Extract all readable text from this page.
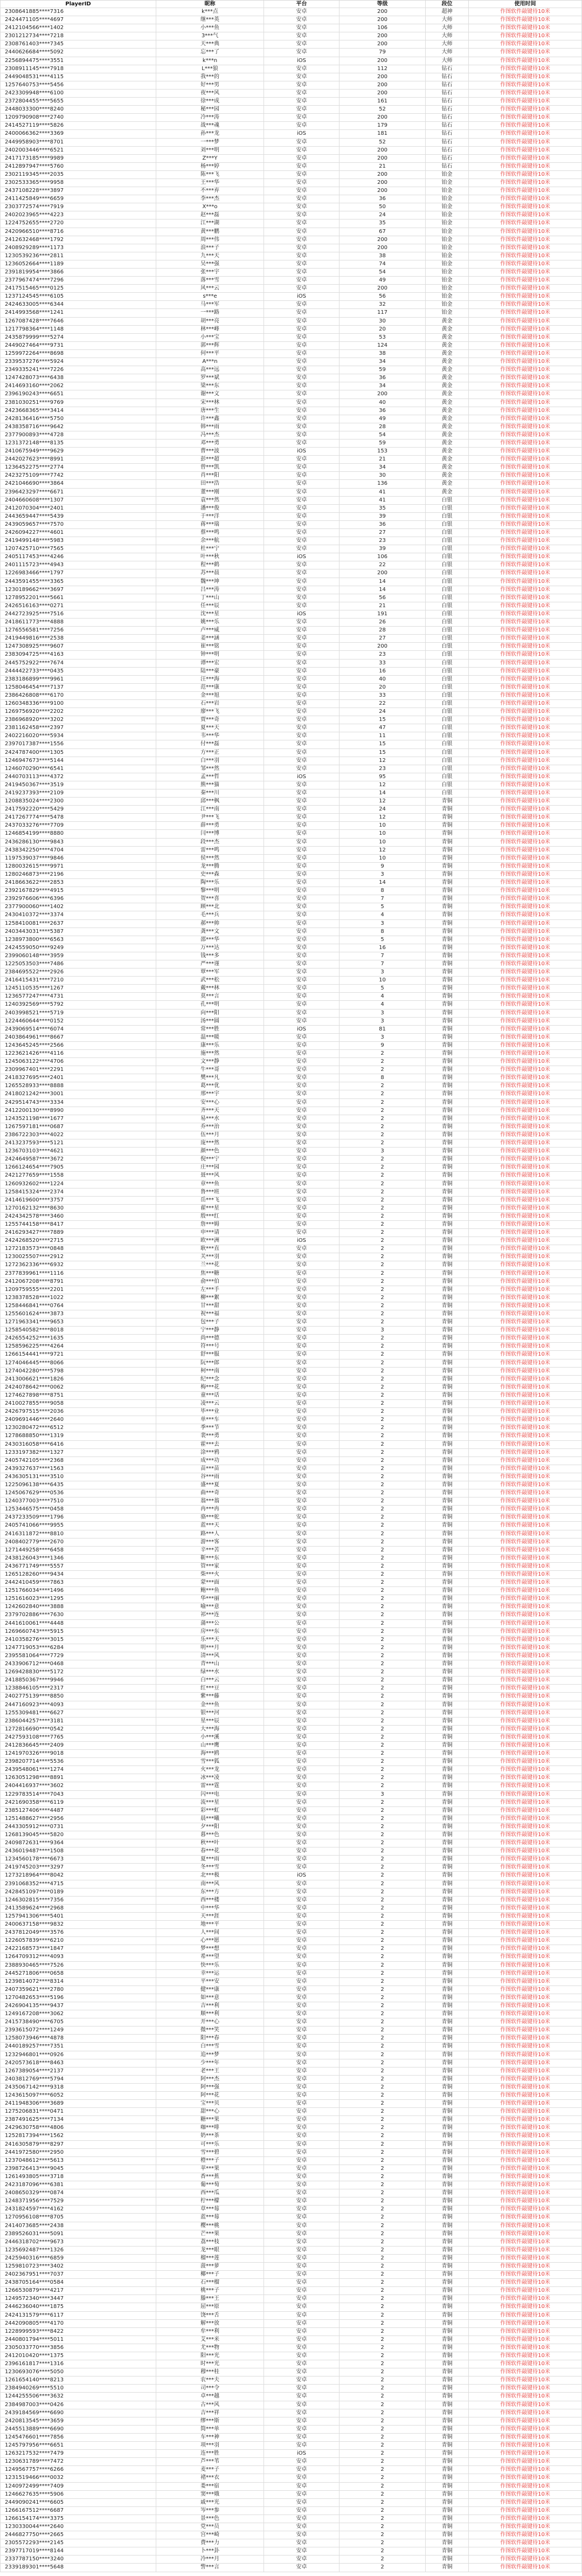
PlayerID	昵称	平台	等级	段位	使用时间
2308641885****7316	k***点	安卓	200	超神	作图软件敲键待10米
2424471105****4697	继***英	安卓	200	大师	作图软件敲键待10米
2412104566****1402	小***鱼	安卓	106	大师	作图软件敲键待10米
2301212734****7218	3***气	安卓	200	大师	作图软件敲键待10米
2308761403****7345	天***典	安卓	200	大师	作图软件敲键待10米
2440626684****5092	忘***了	安卓	79	大师	作图软件敲键待10米
2256894475****3551	k***n	iOS	200	大师	作图软件敲键待10米
2308911145****7918	L***狼	安卓	112	钻石	作图软件敲键待10米
2449048531****4115	我***的	安卓	200	钻石	作图软件敲键待10米
1257640753****5456	好***男	安卓	200	钻石	作图软件敲键待10米
2423309948****6100	夜***风	安卓	200	钻石	作图软件敲键待10米
2372804455****5655	徐***成	安卓	161	钻石	作图软件敲键待10米
2448033300****8240	秘***园	安卓	52	钻石	作图软件敲键待10米
1209790908****2740	冷***涛	安卓	200	钻石	作图软件敲键待10米
2414527119****5826	战***魂	安卓	179	钻石	作图软件敲键待10米
2400066362****3369	孙***龙	iOS	181	钻石	作图软件敲键待10米
2449958903****8701	一***梦	安卓	52	钻石	作图软件敲键待10米
2402003446****6521	刘***明	安卓	200	钻石	作图软件敲键待10米
2417173185****9989	Z***Y	安卓	200	钻石	作图软件敲键待10米
2412897947****5760	杨***婷	安卓	21	钻石	作图软件敲键待10米
2302119345****2035	陈***飞	安卓	200	铂金	作图软件敲键待10米
2302533365****9958	王***华	安卓	200	铂金	作图软件敲键待10米
2437108228****3897	不***弃	安卓	200	铂金	作图软件敲键待10米
2411425849****6659	李***杰	安卓	36	铂金	作图软件敲键待10米
2303772574****7919	X***o	安卓	50	铂金	作图软件敲键待10米
2402023965****4223	赵***磊	安卓	24	铂金	作图软件敲键待10米
1224752655****2720	江***湖	安卓	35	铂金	作图软件敲键待10米
2420966510****8716	黄***鹏	安卓	67	铂金	作图软件敲键待10米
2412632468****1792	周***伟	安卓	200	铂金	作图软件敲键待10米
2408929289****1173	浪***子	安卓	200	铂金	作图软件敲键待10米
1230539236****2811	九***天	安卓	38	铂金	作图软件敲键待10米
1236052664****1189	吴***强	安卓	74	铂金	作图软件敲键待10米
2391819954****3866	张***宇	安卓	54	铂金	作图软件敲键待10米
2377967474****7296	落***雪	安卓	49	铂金	作图软件敲键待10米
2417515465****0125	风***云	安卓	200	铂金	作图软件敲键待10米
1237124545****6105	s***e	iOS	56	铂金	作图软件敲键待10米
2424633005****6344	马***军	安卓	32	铂金	作图软件敲键待10米
2414993568****1241	一***路	安卓	117	铂金	作图软件敲键待10米
1267087428****7646	胡***亮	安卓	30	黄金	作图软件敲键待10米
1217798364****1148	林***峰	安卓	20	黄金	作图软件敲键待10米
2435879999****5274	小***宝	安卓	53	黄金	作图软件敲键待10米
2449027464****9731	郭***辉	安卓	124	黄金	作图软件敲键待10米
1259972264****8698	何***平	安卓	38	黄金	作图软件敲键待10米
2339537276****5924	A***n	安卓	34	黄金	作图软件敲键待10米
2349335241****7226	高***远	安卓	59	黄金	作图软件敲键待10米
1247428073****6438	罗***斌	安卓	36	黄金	作图软件敲键待10米
2414693160****2062	梁***东	安卓	34	黄金	作图软件敲键待10米
2396190243****6651	谢***文	安卓	200	黄金	作图软件敲键待10米
2381030251****9769	宋***林	安卓	40	黄金	作图软件敲键待10米
2423668365****3414	唐***生	安卓	36	黄金	作图软件敲键待10米
2428136416****5750	许***鑫	安卓	49	黄金	作图软件敲键待10米
2438358716****9642	韩***雨	安卓	28	黄金	作图软件敲键待10米
2377900893****4728	冯***杰	安卓	54	黄金	作图软件敲键待10米
1231372148****8135	邓***勇	安卓	59	黄金	作图软件敲键待10米
2410675949****9629	曹***波	iOS	153	黄金	作图软件敲键待10米
2442027623****8991	彭***超	安卓	21	黄金	作图软件敲键待10米
1236452275****2774	曾***凯	安卓	34	黄金	作图软件敲键待10米
2423275109****7742	肖***阳	安卓	30	黄金	作图软件敲键待10米
2421046690****3864	田***浩	安卓	136	黄金	作图软件敲键待10米
2396423297****6671	董***刚	安卓	41	黄金	作图软件敲键待10米
2404660608****1307	袁***然	安卓	41	白银	作图软件敲键待10米
2412070304****2401	潘***俊	安卓	35	白银	作图软件敲键待10米
2443659447****5439	于***洋	安卓	39	白银	作图软件敲键待10米
2439059657****7570	蒋***瑞	安卓	36	白银	作图软件敲键待10米
2426094227****4601	蔡***鸣	安卓	27	白银	作图软件敲键待10米
2419499148****5983	余***航	安卓	23	白银	作图软件敲键待10米
1207425710****7565	杜***宁	安卓	39	白银	作图软件敲键待10米
2405117453****4246	叶***秋	iOS	106	白银	作图软件敲键待10米
2401115723****4943	程***鹤	安卓	22	白银	作图软件敲键待10米
1226983466****1797	苏***晨	安卓	200	白银	作图软件敲键待10米
2443591455****3365	魏***坤	安卓	14	白银	作图软件敲键待10米
1230189662****3697	吕***涛	安卓	14	白银	作图软件敲键待10米
1278952201****5661	丁***山	安卓	56	白银	作图软件敲键待10米
2426516163****0271	任***辰	安卓	21	白银	作图软件敲键待10米
2442723925****7516	沈***星	iOS	191	白银	作图软件敲键待10米
2418611773****4888	姚***乐	安卓	26	白银	作图软件敲键待10米
1276556581****7256	卢***威	安卓	28	白银	作图软件敲键待10米
2419449816****2538	姜***涵	安卓	27	白银	作图软件敲键待10米
1247308925****9607	崔***铭	安卓	200	白银	作图软件敲键待10米
2383094725****4163	钟***明	安卓	23	白银	作图软件敲键待10米
2445752922****7674	谭***宏	安卓	33	白银	作图软件敲键待10米
2444422733****0435	陆***豪	安卓	16	白银	作图软件敲键待10米
2383186899****9961	汪***海	安卓	40	白银	作图软件敲键待10米
1258046454****7137	范***康	安卓	20	白银	作图软件敲键待10米
2386426808****6170	金***旭	安卓	33	白银	作图软件敲键待10米
1260348336****9100	石***岩	安卓	22	白银	作图软件敲键待10米
1269756920****2202	廖***飞	安卓	24	白银	作图软件敲键待10米
2386968920****3202	贾***奇	安卓	15	白银	作图软件敲键待10米
2381162458****2397	夏***天	安卓	47	白银	作图软件敲键待10米
2402216020****5934	韦***华	安卓	11	白银	作图软件敲键待10米
2397017387****1556	付***磊	安卓	15	白银	作图软件敲键待10米
2424787400****1305	方***正	安卓	15	白银	作图软件敲键待10米
1246947673****5144	白***羽	安卓	12	白银	作图软件敲键待10米
1246070290****6541	邹***然	安卓	23	白银	作图软件敲键待10米
2440703113****4372	孟***哲	iOS	95	白银	作图软件敲键待10米
2419450367****3519	熊***猫	安卓	12	白银	作图软件敲键待10米
2419237393****2109	秦***川	安卓	14	白银	作图软件敲键待10米
1208835024****2300	邱***枫	安卓	12	青铜	作图软件敲键待10米
2417592220****5429	江***南	安卓	24	青铜	作图软件敲键待10米
2417267774****5478	尹***飞	安卓	12	青铜	作图软件敲键待10米
2437033276****7709	薛***勇	安卓	10	青铜	作图软件敲键待10米
1246854199****8880	闫***博	安卓	10	青铜	作图软件敲键待10米
2436286130****9843	段***杰	安卓	10	青铜	作图软件敲键待10米
2438342250****4704	雷***鸣	安卓	12	青铜	作图软件敲键待10米
1197539037****9846	侯***然	安卓	10	青铜	作图软件敲键待10米
1280032615****9971	龙***腾	安卓	9	青铜	作图软件敲键待10米
1280246873****2196	史***森	安卓	3	青铜	作图软件敲键待10米
2418663622****2853	陶***乐	安卓	14	青铜	作图软件敲键待10米
2392167829****4915	黎***明	安卓	8	青铜	作图软件敲键待10米
2392976606****6396	贺***喜	安卓	7	青铜	作图软件敲键待10米
2377900060****1402	顾***北	安卓	5	青铜	作图软件敲键待10米
2430410372****3374	毛***兵	安卓	4	青铜	作图软件敲键待10米
1258410081****2637	郝***帅	安卓	3	青铜	作图软件敲键待10米
2403443031****5387	龚***文	安卓	8	青铜	作图软件敲键待10米
1238973800****6563	邵***华	安卓	5	青铜	作图软件敲键待10米
2424559050****9249	万***达	安卓	16	青铜	作图软件敲键待10米
2399060148****3959	钱***多	安卓	7	青铜	作图软件敲键待10米
1225053503****7486	严***谨	安卓	7	青铜	作图软件敲键待10米
2384695522****2926	覃***军	安卓	3	青铜	作图软件敲键待10米
2416415431****7210	武***松	安卓	10	青铜	作图软件敲键待10米
1245110535****1267	戴***林	安卓	5	青铜	作图软件敲键待10米
1236577247****4731	莫***言	安卓	4	青铜	作图软件敲键待10米
1240392569****5792	孔***明	安卓	4	青铜	作图软件敲键待10米
2403998521****5719	向***阳	安卓	3	青铜	作图软件敲键待10米
1224460644****0152	汤***圆	安卓	3	青铜	作图软件敲键待10米
2439069514****6074	常***胜	iOS	81	青铜	作图软件敲键待10米
2403864961****8667	温***暖	安卓	3	青铜	作图软件敲键待10米
1243645245****2566	康***乐	安卓	9	青铜	作图软件敲键待10米
1223621426****4116	施***然	安卓	2	青铜	作图软件敲键待10米
1245063122****4706	文***静	安卓	2	青铜	作图软件敲键待10米
2309967401****2291	牛***哥	安卓	2	青铜	作图软件敲键待10米
2418327695****2401	樊***凡	安卓	8	青铜	作图软件敲键待10米
1265528933****8888	葛***优	安卓	2	青铜	作图软件敲键待10米
2418021242****3001	邢***宇	安卓	2	青铜	作图软件敲键待10米
2429514743****3334	安***心	安卓	2	青铜	作图软件敲键待10米
2412200130****8990	齐***天	安卓	2	青铜	作图软件敲键待10米
1243521198****1677	易***水	安卓	2	青铜	作图软件敲键待10米
1267597181****0687	乔***治	安卓	2	青铜	作图软件敲键待10米
2386722303****4022	伍***月	安卓	2	青铜	作图软件敲键待10米
2413237593****5121	庞***然	安卓	2	青铜	作图软件敲键待10米
1236703103****4621	颜***色	安卓	3	青铜	作图软件敲键待10米
2424649587****3672	倪***宁	安卓	2	青铜	作图软件敲键待10米
1266124654****7905	庄***园	安卓	2	青铜	作图软件敲键待10米
2421277659****1558	聂***风	安卓	2	青铜	作图软件敲键待10米
1260932602****1224	章***鱼	安卓	2	青铜	作图软件敲键待10米
1258415324****2374	鲁***班	安卓	2	青铜	作图软件敲键待10米
2414619600****3757	岳***飞	安卓	2	青铜	作图软件敲键待10米
1270162132****8630	翟***星	安卓	2	青铜	作图软件敲键待10米
2424342578****3460	殷***红	安卓	2	青铜	作图软件敲键待10米
1255744158****8417	詹***姆	安卓	2	青铜	作图软件敲键待10米
2416293427****7889	申***请	安卓	2	青铜	作图软件敲键待10米
2424268520****2715	欧***洲	iOS	2	青铜	作图软件敲键待10米
1272183573****0848	耿***直	安卓	2	青铜	作图软件敲键待10米
1230025507****2912	关***羽	安卓	2	青铜	作图软件敲键待10米
1272362336****6932	兰***花	安卓	2	青铜	作图软件敲键待10米
2377839961****1116	焦***糖	安卓	2	青铜	作图软件敲键待10米
2412067208****8791	俞***伯	安卓	2	青铜	作图软件敲键待10米
1209759555****2201	左***手	安卓	2	青铜	作图软件敲键待10米
1238378528****1022	柳***絮	安卓	2	青铜	作图软件敲键待10米
1258446841****0764	甘***甜	安卓	2	青铜	作图软件敲键待10米
1255601624****3873	祝***福	安卓	2	青铜	作图软件敲键待10米
1271963341****9653	包***子	安卓	2	青铜	作图软件敲键待10米
1258540582****8018	宁***静	安卓	3	青铜	作图软件敲键待10米
2426554252****1635	尚***德	安卓	2	青铜	作图软件敲键待10米
1258596225****4264	符***号	安卓	2	青铜	作图软件敲键待10米
1266154441****9721	舒***服	安卓	2	青铜	作图软件敲键待10米
1274046445****8066	阮***郎	安卓	2	青铜	作图软件敲键待10米
1274042280****5798	柯***南	安卓	2	青铜	作图软件敲键待10米
2413006621****1826	纪***念	安卓	2	青铜	作图软件敲键待10米
2424078642****0062	梅***花	安卓	2	青铜	作图软件敲键待10米
1274627898****8751	童***话	安卓	2	青铜	作图软件敲键待10米
2410027855****9058	凌***云	安卓	2	青铜	作图软件敲键待10米
2426797515****2036	毕***业	安卓	2	青铜	作图软件敲键待10米
2409691446****2640	单***车	安卓	2	青铜	作图软件敲键待10米
1230280472****6512	季***节	安卓	2	青铜	作图软件敲键待10米
1278688850****1319	裴***勇	安卓	2	青铜	作图软件敲键待10米
2430316058****6416	霍***去	安卓	2	青铜	作图软件敲键待10米
1233197382****1327	涂***鸦	安卓	2	青铜	作图软件敲键待10米
2405742105****2368	成***功	安卓	2	青铜	作图软件敲键待10米
2439327637****1563	苗***苗	安卓	2	青铜	作图软件敲键待10米
2436305131****3510	谷***雨	安卓	2	青铜	作图软件敲键待10米
1225096138****6435	盛***夏	安卓	2	青铜	作图软件敲键待10米
1245067629****0536	曲***奇	安卓	2	青铜	作图软件敲键待10米
1240377003****7510	翁***翁	安卓	2	青铜	作图软件敲键待10米
1253446575****0458	冉***冉	安卓	2	青铜	作图软件敲键待10米
2437233509****1796	骆***驼	安卓	2	青铜	作图软件敲键待10米
2405741066****9955	蓝***天	安卓	2	青铜	作图软件敲键待10米
2416311872****8810	路***人	安卓	2	青铜	作图软件敲键待10米
2408402779****2670	游***客	安卓	2	青铜	作图软件敲键待10米
1271449258****6458	辛***苦	安卓	2	青铜	作图软件敲键待10米
2438126043****1346	靳***东	安卓	2	青铜	作图软件敲键待10米
2436771749****5557	管***家	安卓	2	青铜	作图软件敲键待10米
1265128260****9434	柴***火	安卓	2	青铜	作图软件敲键待10米
2442410459****7863	蒙***面	安卓	2	青铜	作图软件敲键待10米
1251766034****1496	鲍***鱼	安卓	2	青铜	作图软件敲键待10米
1251616023****1295	华***丽	安卓	2	青铜	作图软件敲键待10米
1242602840****3888	喻***意	安卓	2	青铜	作图软件敲键待10米
2379702886****7630	祁***连	安卓	2	青铜	作图软件敲键待10米
2441610061****4448	蒲***公	安卓	2	青铜	作图软件敲键待10米
1269660743****5915	房***东	安卓	2	青铜	作图软件敲键待10米
2410358276****3015	乐***天	安卓	2	青铜	作图软件敲键待10米
1247719053****6284	明***月	安卓	2	青铜	作图软件敲键待10米
2395581064****7729	清***风	安卓	2	青铜	作图软件敲键待10米
2433906712****0468	青***山	安卓	2	青铜	作图软件敲键待10米
1269428830****5172	绿***水	安卓	2	青铜	作图软件敲键待10米
2418850367****9946	白***云	安卓	2	青铜	作图软件敲键待10米
1238846105****2317	红***豆	安卓	2	青铜	作图软件敲键待10米
2402775139****8850	紫***藤	安卓	2	青铜	作图软件敲键待10米
2447160923****4093	金***鱼	安卓	2	青铜	作图软件敲键待10米
1255309481****6627	银***河	安卓	2	青铜	作图软件敲键待10米
2386044257****3181	星***辰	安卓	2	青铜	作图软件敲键待10米
1272816690****0542	大***海	安卓	2	青铜	作图软件敲键待10米
2427593108****7765	小***溪	安卓	2	青铜	作图软件敲键待10米
2412836645****2409	山***鹰	安卓	2	青铜	作图软件敲键待10米
1241970326****9018	海***鸥	安卓	2	青铜	作图软件敲键待10米
2398207714****5536	雪***狐	安卓	2	青铜	作图软件敲键待10米
2439548061****1274	火***龙	安卓	2	青铜	作图软件敲键待10米
1263051298****8891	冰***凌	安卓	2	青铜	作图软件敲键待10米
2404416937****3602	雷***霆	安卓	2	青铜	作图软件敲键待10米
1229783514****7043	闪***电	安卓	3	青铜	作图软件敲键待10米
2421690358****6119	流***星	安卓	2	青铜	作图软件敲键待10米
2385127406****4487	彩***虹	安卓	2	青铜	作图软件敲键待10米
1251488627****2956	晨***曦	安卓	2	青铜	作图软件敲键待10米
2443305912****0731	夕***阳	安卓	2	青铜	作图软件敲键待10米
1268139045****5820	暮***色	安卓	2	青铜	作图软件敲键待10米
2409872631****9364	秋***叶	安卓	2	青铜	作图软件敲键待10米
2436019487****1508	春***花	安卓	2	青铜	作图软件敲键待10米
1234560178****6673	夏***雨	安卓	2	青铜	作图软件敲键待10米
2419745203****3297	冬***雪	安卓	2	青铜	作图软件敲键待10米
1273218964****8042	北***极	iOS	2	青铜	作图软件敲键待10米
2391068352****4715	南***风	安卓	2	青铜	作图软件敲键待10米
2428451097****0189	东***方	安卓	2	青铜	作图软件敲键待10米
1246302815****7356	西***楼	安卓	2	青铜	作图软件敲键待10米
2413589624****2968	中***华	安卓	2	青铜	作图软件敲键待10米
1257941306****5401	天***涯	安卓	2	青铜	作图软件敲键待10米
2400637158****9832	地***平	安卓	2	青铜	作图软件敲键待10米
2437812049****3576	人***间	安卓	2	青铜	作图软件敲键待10米
1226057839****6210	心***愿	安卓	2	青铜	作图软件敲键待10米
2422168573****1847	梦***想	安卓	2	青铜	作图软件敲键待10米
1264709312****4093	希***望	安卓	2	青铜	作图软件敲键待10米
2388930465****7526	快***乐	安卓	2	青铜	作图软件敲键待10米
2445271806****0658	幸***运	安卓	2	青铜	作图软件敲键待10米
1239814072****8314	平***安	安卓	2	青铜	作图软件敲键待10米
2407359621****2780	健***康	安卓	2	青铜	作图软件敲键待10米
1270482653****5196	如***意	安卓	2	青铜	作图软件敲键待10米
2426904135****9437	吉***利	安卓	2	青铜	作图软件敲键待10米
1249167208****3062	顺***利	安卓	2	青铜	作图软件敲键待10米
2415738490****6705	开***心	安卓	2	青铜	作图软件敲键待10米
2393615072****1249	微***笑	安卓	2	青铜	作图软件敲键待10米
1258073946****4878	阳***春	安卓	2	青铜	作图软件敲键待10米
2440189257****7351	白***雪	安卓	2	青铜	作图软件敲键待10米
1232946801****0926	追***梦	安卓	2	青铜	作图软件敲键待10米
2420573618****8463	少***年	安卓	2	青铜	作图软件敲键待10米
1267389054****2137	老***王	安卓	2	青铜	作图软件敲键待10米
2403812769****5794	阿***杰	安卓	2	青铜	作图软件敲键待10米
2435067142****9318	阿***强	安卓	2	青铜	作图软件敲键待10米
1243615097****6052	阿***花	安卓	2	青铜	作图软件敲键待10米
2411948306****3689	宝***贝	安卓	2	青铜	作图软件敲键待10米
1275206831****0471	甜***心	安卓	2	青铜	作图软件敲键待10米
2387491625****7134	糖***果	安卓	2	青铜	作图软件敲键待10米
2429630758****4806	咖***啡	安卓	2	青铜	作图软件敲键待10米
1252817394****1562	奶***茶	安卓	2	青铜	作图软件敲键待10米
2416305879****8297	可***乐	安卓	2	青铜	作图软件敲键待10米
2441972580****2950	雪***碧	安卓	2	青铜	作图软件敲键待10米
1237048612****5613	橙***子	安卓	2	青铜	作图软件敲键待10米
2398726413****9045	苹***果	安卓	2	青铜	作图软件敲键待10米
1261493805****3718	香***蕉	安卓	2	青铜	作图软件敲键待10米
2423187096****6381	葡***萄	安卓	2	青铜	作图软件敲键待10米
2408650329****0874	西***瓜	安卓	2	青铜	作图软件敲键待10米
1248371956****7529	柠***檬	安卓	2	青铜	作图软件敲键待10米
2431824597****4162	草***莓	安卓	2	青铜	作图软件敲键待10米
1270956108****8705	蓝***莓	安卓	2	青铜	作图软件敲键待10米
2414073685****2438	樱***桃	安卓	2	青铜	作图软件敲键待10米
2389526031****5091	芒***果	安卓	2	青铜	作图软件敲键待10米
2446318702****9673	荔***枝	安卓	2	青铜	作图软件敲键待10米
1235692487****1326	龙***眼	安卓	2	青铜	作图软件敲键待10米
2425940316****6859	榴***莲	安卓	2	青铜	作图软件敲键待10米
1259810723****3402	菠***萝	安卓	2	青铜	作图软件敲键待10米
2402367951****7037	椰***子	安卓	2	青铜	作图软件敲键待10米
2438705164****0584	石***榴	安卓	2	青铜	作图软件敲键待10米
1266530879****4217	桃***子	安卓	2	青铜	作图软件敲键待10米
1249572340****3447	滕***王	安卓	2	青铜	作图软件敲键待10米
2446236040****1875	屈***原	安卓	2	青铜	作图软件敲键待10米
2424131579****6117	饶***舌	安卓	2	青铜	作图软件敲键待10米
2442090805****4170	解***放	安卓	2	青铜	作图软件敲键待10米
1228999593****8422	牟***利	安卓	2	青铜	作图软件敲键待10米
2440801794****5011	艾***米	安卓	2	青铜	作图软件敲键待10米
2305033770****3856	尤***物	安卓	2	青铜	作图软件敲键待10米
2412010420****1375	阳***光	安卓	2	青铜	作图软件敲键待10米
2396161817****1316	时***光	安卓	2	青铜	作图软件敲键待10米
1230693076****5050	穆***桂	安卓	2	青铜	作图软件敲键待10米
1261654140****8213	农***夫	安卓	2	青铜	作图软件敲键待10米
2384940269****5510	司***令	安卓	2	青铜	作图软件敲键待10米
1244255506****3632	卓***越	安卓	2	青铜	作图软件敲键待10米
2384987003****0426	古***风	安卓	2	青铜	作图软件敲键待10米
2439184569****6690	吉***祥	安卓	2	青铜	作图软件敲键待10米
2420813545****3659	缪***斯	安卓	2	青铜	作图软件敲键待10米
2445513889****6690	简***单	安卓	2	青铜	作图软件敲键待10米
1245476601****7856	车***神	安卓	2	青铜	作图软件敲键待10米
1245797956****6651	项***羽	安卓	2	青铜	作图软件敲键待10米
1263217532****7479	连***胜	iOS	2	青铜	作图软件敲键待10米
1230631789****7472	芦***苇	安卓	2	青铜	作图软件敲键待10米
1249567757****6266	麦***子	安卓	2	青铜	作图软件敲键待10米
1231519466****0032	褚***衣	安卓	2	青铜	作图软件敲键待10米
1240972499****7409	娄***宿	安卓	2	青铜	作图软件敲键待10米
1246627635****5906	窦***娥	安卓	2	青铜	作图软件敲键待10米
2449090241****6605	戚***光	安卓	2	青铜	作图软件敲键待10米
1266167512****6687	岑***参	安卓	2	青铜	作图软件敲键待10米
1266154174****3375	景***色	安卓	2	青铜	作图软件敲键待10米
1230330044****2640	党***员	安卓	2	青铜	作图软件敲键待10米
2446827750****2665	宫***崎	安卓	2	青铜	作图软件敲键待10米
2305572293****2145	费***力	安卓	2	青铜	作图软件敲键待10米
2397717019****8144	卜***卦	安卓	2	青铜	作图软件敲键待10米
2337787150****3240	冷***月	安卓	2	青铜	作图软件敲键待10米
2339189301****5648	訾***言	安卓	2	青铜	作图软件敲键待10米
